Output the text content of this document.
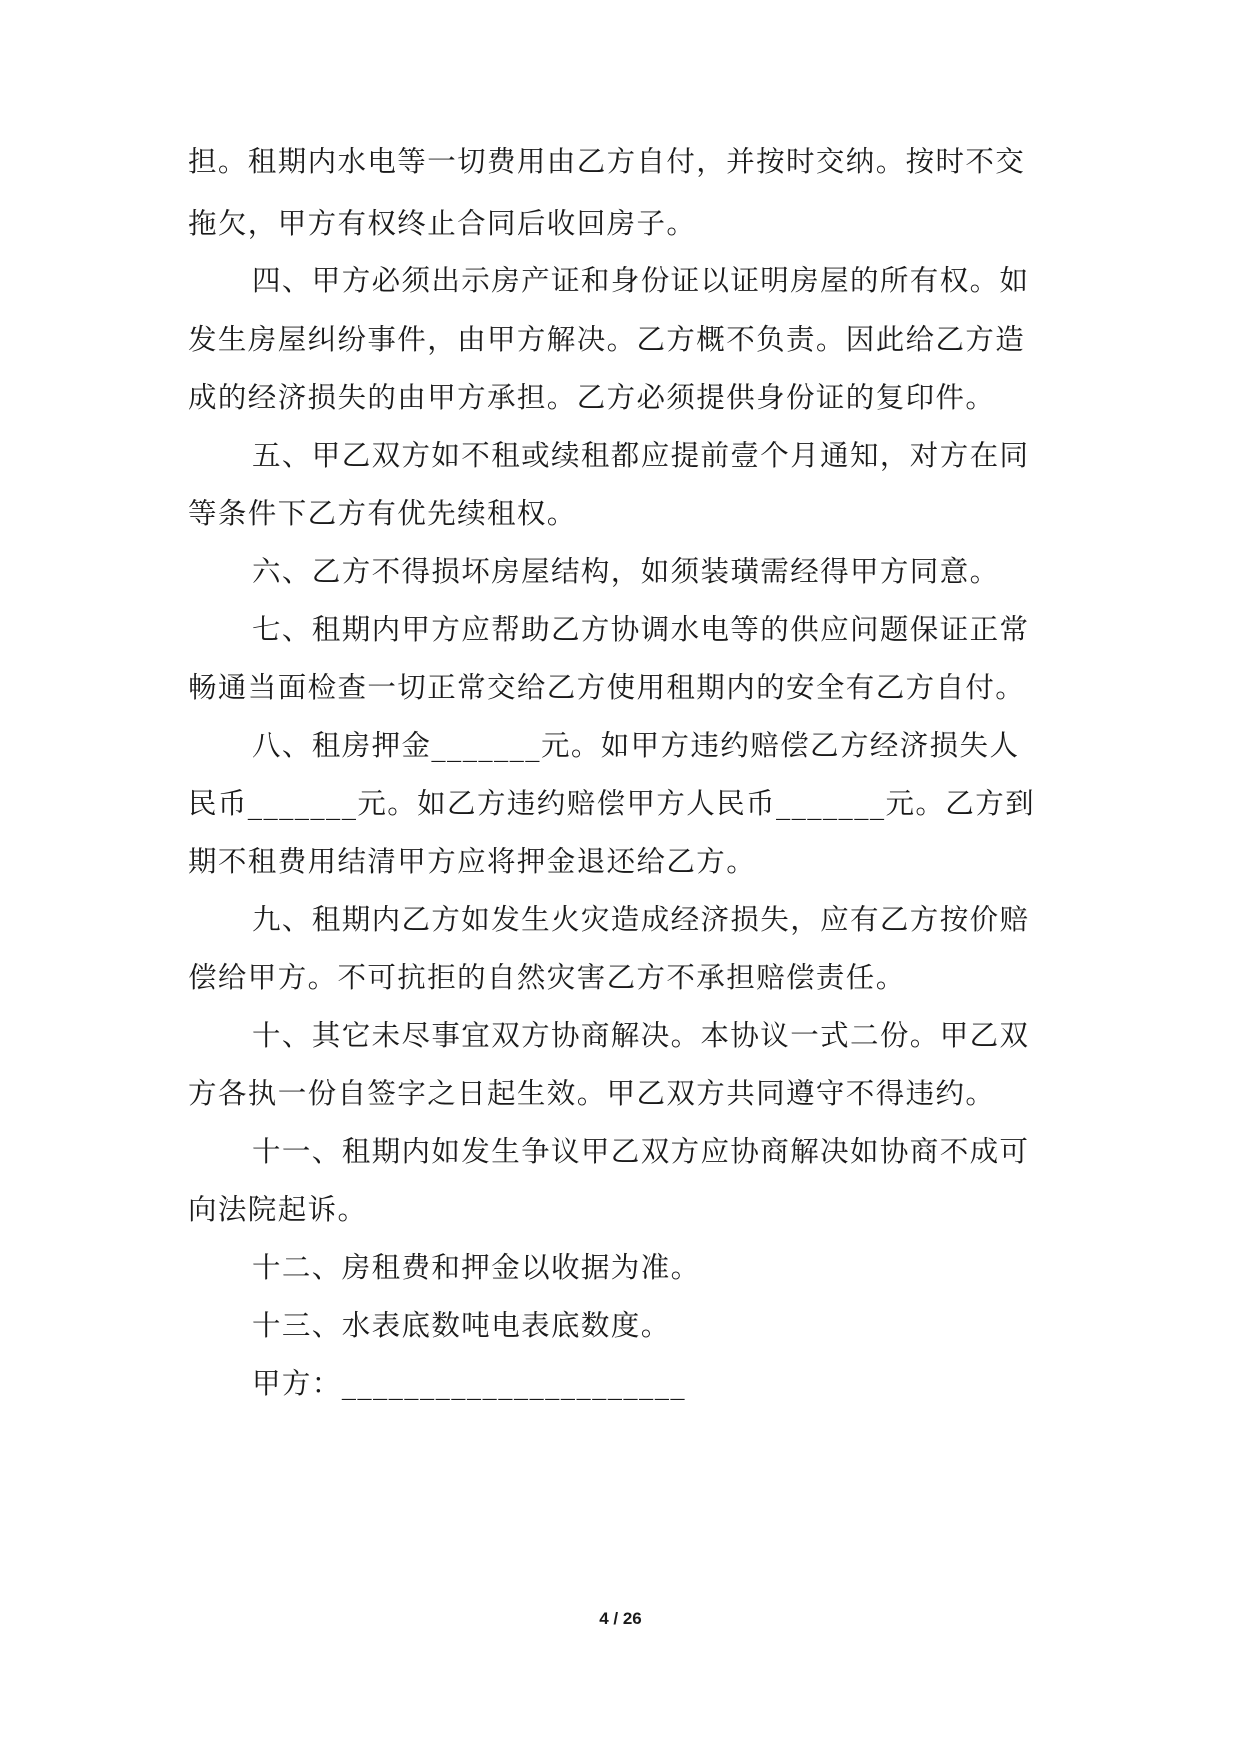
担。租期内水电等一切费用由乙方自付，并按时交纳。按时不交
拖欠，甲方有权终止合同后收回房子。
四、甲方必须出示房产证和身份证以证明房屋的所有权。如
发生房屋纠纷事件，由甲方解决。乙方概不负责。因此给乙方造
成的经济损失的由甲方承担。乙方必须提供身份证的复印件。
五、甲乙双方如不租或续租都应提前壹个月通知，对方在同
等条件下乙方有优先续租权。
六、乙方不得损坏房屋结构，如须装璜需经得甲方同意。
七、租期内甲方应帮助乙方协调水电等的供应问题保证正常
畅通当面检查一切正常交给乙方使用租期内的安全有乙方自付。
八、租房押金_______元。如甲方违约赔偿乙方经济损失人
民币_______元。如乙方违约赔偿甲方人民币_______元。乙方到
期不租费用结清甲方应将押金退还给乙方。
九、租期内乙方如发生火灾造成经济损失，应有乙方按价赔
偿给甲方。不可抗拒的自然灾害乙方不承担赔偿责任。
十、其它未尽事宜双方协商解决。本协议一式二份。甲乙双
方各执一份自签字之日起生效。甲乙双方共同遵守不得违约。
十一、租期内如发生争议甲乙双方应协商解决如协商不成可
向法院起诉。
十二、房租费和押金以收据为准。
十三、水表底数吨电表底数度。
甲方：______________________
4 / 26
